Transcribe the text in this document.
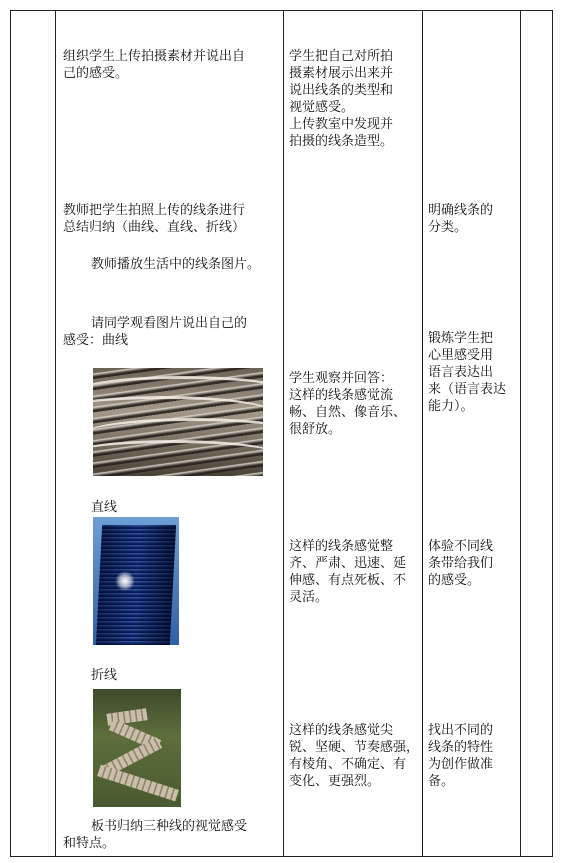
组织学生上传拍摄素材并说出自
己的感受。
学生把自己对所拍
摄素材展示出来并
说出线条的类型和
视觉感受。
上传教室中发现并
拍摄的线条造型。
教师把学生拍照上传的线条进行
总结归纳（曲线、直线、折线）
明确线条的
分类。
教师播放生活中的线条图片。
请同学观看图片说出自己的
感受：曲线
学生观察并回答：
这样的线条感觉流
畅、自然、像音乐、
很舒放。
锻炼学生把
心里感受用
语言表达出
来（语言表达
能力）。
直线
这样的线条感觉整
齐、严肃、迅速、延
伸感、有点死板、不
灵活。
体验不同线
条带给我们
的感受。
折线
这样的线条感觉尖
锐、坚硬、节奏感强，
有棱角、不确定、有
变化、更强烈。
找出不同的
线条的特性
为创作做准
备。
板书归纳三种线的视觉感受
和特点。
